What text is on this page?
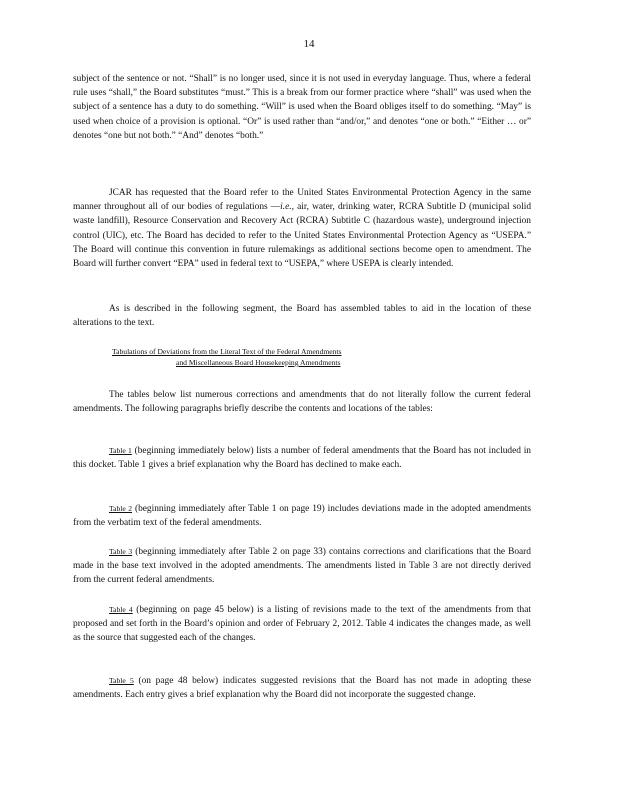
14

subject of the sentence or not. “Shall” is no longer used, since it is not used in everyday language. Thus, where a federal rule uses “shall,” the Board substitutes “must.” This is a break from our former practice where “shall” was used when the subject of a sentence has a duty to do something. “Will” is used when the Board obliges itself to do something. “May” is used when choice of a provision is optional. “Or” is used rather than “and/or,” and denotes “one or both.” “Either … or” denotes “one but not both.” “And” denotes “both.”

JCAR has requested that the Board refer to the United States Environmental Protection Agency in the same manner throughout all of our bodies of regulations —i.e., air, water, drinking water, RCRA Subtitle D (municipal solid waste landfill), Resource Conservation and Recovery Act (RCRA) Subtitle C (hazardous waste), underground injection control (UIC), etc. The Board has decided to refer to the United States Environmental Protection Agency as “USEPA.” The Board will continue this convention in future rulemakings as additional sections become open to amendment. The Board will further convert “EPA” used in federal text to “USEPA,” where USEPA is clearly intended.

As is described in the following segment, the Board has assembled tables to aid in the location of these alterations to the text.

Tabulations of Deviations from the Literal Text of the Federal Amendments
and Miscellaneous Board Housekeeping Amendments

The tables below list numerous corrections and amendments that do not literally follow the current federal amendments. The following paragraphs briefly describe the contents and locations of the tables:

Table 1 (beginning immediately below) lists a number of federal amendments that the Board has not included in this docket. Table 1 gives a brief explanation why the Board has declined to make each.

Table 2 (beginning immediately after Table 1 on page 19) includes deviations made in the adopted amendments from the verbatim text of the federal amendments.

Table 3 (beginning immediately after Table 2 on page 33) contains corrections and clarifications that the Board made in the base text involved in the adopted amendments. The amendments listed in Table 3 are not directly derived from the current federal amendments.

Table 4 (beginning on page 45 below) is a listing of revisions made to the text of the amendments from that proposed and set forth in the Board’s opinion and order of February 2, 2012. Table 4 indicates the changes made, as well as the source that suggested each of the changes.

Table 5 (on page 48 below) indicates suggested revisions that the Board has not made in adopting these amendments. Each entry gives a brief explanation why the Board did not incorporate the suggested change.
